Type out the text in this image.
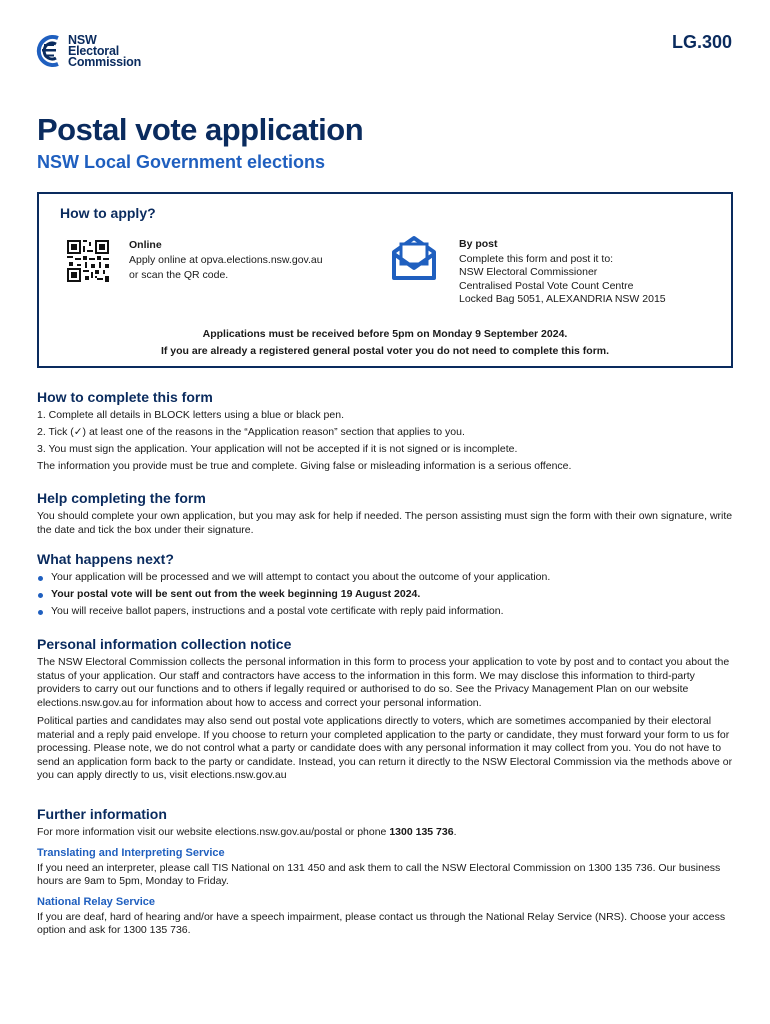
NSW
Electoral
Commission
LG.300
Postal vote application
NSW Local Government elections
How to apply?
Online
Apply online at opva.elections.nsw.gov.au
or scan the QR code.
By post
Complete this form and post it to:
NSW Electoral Commissioner
Centralised Postal Vote Count Centre
Locked Bag 5051, ALEXANDRIA NSW 2015
Applications must be received before 5pm on Monday 9 September 2024.
If you are already a registered general postal voter you do not need to complete this form.
How to complete this form
1. Complete all details in BLOCK letters using a blue or black pen.
2. Tick (✓) at least one of the reasons in the “Application reason” section that applies to you.
3. You must sign the application. Your application will not be accepted if it is not signed or is incomplete.

The information you provide must be true and complete. Giving false or misleading information is a serious offence.

Help completing the form

You should complete your own application, but you may ask for help if needed. The person assisting must sign the form with their own signature, write the date and tick the box under their signature.

What happens next?
Your application will be processed and we will attempt to contact you about the outcome of your application.
Your postal vote will be sent out from the week beginning 19 August 2024.
You will receive ballot papers, instructions and a postal vote certificate with reply paid information.
Personal information collection notice

The NSW Electoral Commission collects the personal information in this form to process your application to vote by post and to contact you about the status of your application. Our staff and contractors have access to the information in this form. We may disclose this information to third-party providers to carry out our functions and to others if legally required or authorised to do so. See the Privacy Management Plan on our website elections.nsw.gov.au for information about how to access and correct your personal information.

Political parties and candidates may also send out postal vote applications directly to voters, which are sometimes accompanied by their electoral material and a reply paid envelope. If you choose to return your completed application to the party or candidate, they must forward your form to us for processing. Please note, we do not control what a party or candidate does with any personal information it may collect from you. You do not have to send an application form back to the party or candidate. Instead, you can return it directly to the NSW Electoral Commission via the methods above or you can apply directly to us, visit elections.nsw.gov.au

Further information

For more information visit our website elections.nsw.gov.au/postal or phone 1300 135 736.

Translating and Interpreting Service

If you need an interpreter, please call TIS National on 131 450 and ask them to call the NSW Electoral Commission on 1300 135 736. Our business hours are 9am to 5pm, Monday to Friday.

National Relay Service

If you are deaf, hard of hearing and/or have a speech impairment, please contact us through the National Relay Service (NRS). Choose your access option and ask for 1300 135 736.
